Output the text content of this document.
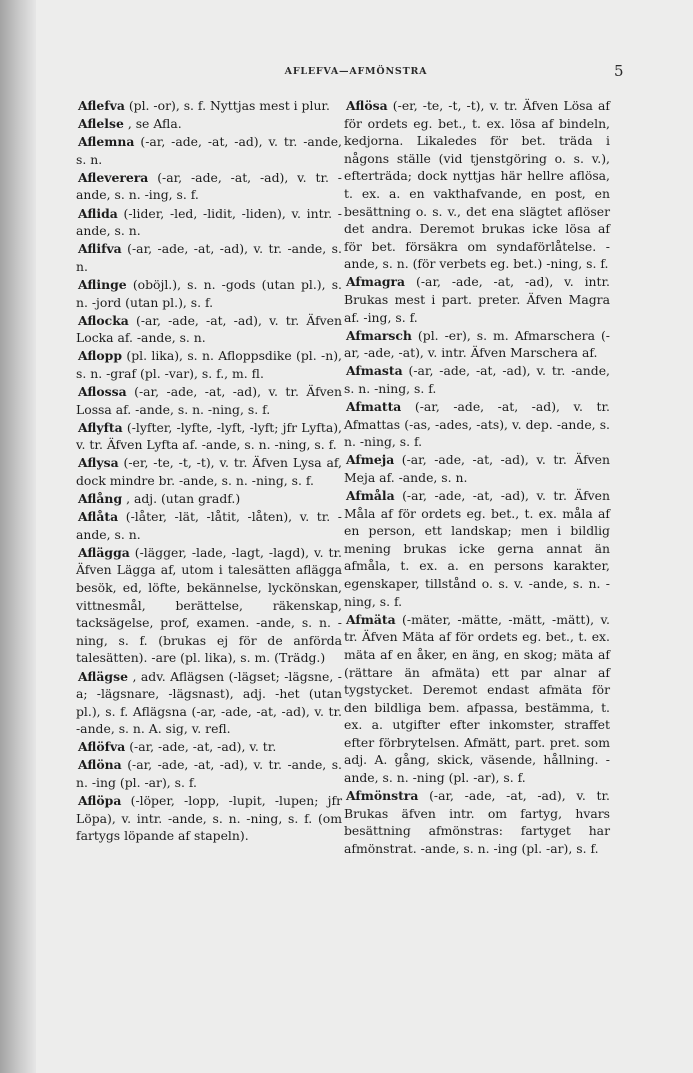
AFLEFVA—AFMÖNSTRA	5

Aflefva (pl. -or), s. f. Nyttjas mest i plur.

Aflelse , se Afla.

Aflemna (-ar, -ade, -at, -ad), v. tr. -ande, s. n.

Afleverera (-ar, -ade, -at, -ad), v. tr. -ande, s. n. -ing, s. f.

Aflida (-lider, -led, -lidit, -liden), v. intr. -ande, s. n.

Aflifva (-ar, -ade, -at, -ad), v. tr. -ande, s. n.

Aflinge (oböjl.), s. n. -gods (utan pl.), s. n. -jord (utan pl.), s. f.

Aflocka (-ar, -ade, -at, -ad), v. tr. Äfven Locka af. -ande, s. n.

Aflopp (pl. lika), s. n. Afloppsdike (pl. -n), s. n. -graf (pl. -var), s. f., m. fl.

Aflossa (-ar, -ade, -at, -ad), v. tr. Äfven Lossa af. -ande, s. n. -ning, s. f.

Aflyfta (-lyfter, -lyfte, -lyft, -lyft; jfr Lyfta), v. tr. Äfven Lyfta af. -ande, s. n. -ning, s. f.

Aflysa (-er, -te, -t, -t), v. tr. Äfven Lysa af, dock mindre br. -ande, s. n. -ning, s. f.

Aflång , adj. (utan gradf.)

Aflåta (-låter, -lät, -låtit, -låten), v. tr. -ande, s. n.

Aflägga (-lägger, -lade, -lagt, -lagd), v. tr. Äfven Lägga af, utom i talesätten aflägga besök, ed, löfte, bekännelse, lyckönskan, vittnesmål, berättelse, räkenskap, tacksägelse, prof, examen. -ande, s. n. -ning, s. f. (brukas ej för de anförda talesätten). -are (pl. lika), s. m. (Trädg.)

Aflägse , adv. Aflägsen (-lägset; -lägsne, -a; -lägsnare, -lägsnast), adj. -het (utan pl.), s. f. Aflägsna (-ar, -ade, -at, -ad), v. tr. -ande, s. n. A. sig, v. refl.

Aflöfva (-ar, -ade, -at, -ad), v. tr.

Aflöna (-ar, -ade, -at, -ad), v. tr. -ande, s. n. -ing (pl. -ar), s. f.

Aflöpa (-löper, -lopp, -lupit, -lupen; jfr Löpa), v. intr. -ande, s. n. -ning, s. f. (om fartygs löpande af stapeln).

Aflösa (-er, -te, -t, -t), v. tr. Äfven Lösa af för ordets eg. bet., t. ex. lösa af bindeln, kedjorna. Likaledes för bet. träda i någons ställe (vid tjenstgöring o. s. v.), efterträda; dock nyttjas här hellre aflösa, t. ex. a. en vakthafvande, en post, en besättning o. s. v., det ena slägtet aflöser det andra. Deremot brukas icke lösa af för bet. försäkra om syndaförlåtelse. -ande, s. n. (för verbets eg. bet.) -ning, s. f.

Afmagra (-ar, -ade, -at, -ad), v. intr. Brukas mest i part. preter. Äfven Magra af. -ing, s. f.

Afmarsch (pl. -er), s. m. Afmarschera (-ar, -ade, -at), v. intr. Äfven Marschera af.

Afmasta (-ar, -ade, -at, -ad), v. tr. -ande, s. n. -ning, s. f.

Afmatta (-ar, -ade, -at, -ad), v. tr. Afmattas (-as, -ades, -ats), v. dep. -ande, s. n. -ning, s. f.

Afmeja (-ar, -ade, -at, -ad), v. tr. Äfven Meja af. -ande, s. n.

Afmåla (-ar, -ade, -at, -ad), v. tr. Äfven Måla af för ordets eg. bet., t. ex. måla af en person, ett landskap; men i bildlig mening brukas icke gerna annat än afmåla, t. ex. a. en persons karakter, egenskaper, tillstånd o. s. v. -ande, s. n. -ning, s. f.

Afmäta (-mäter, -mätte, -mätt, -mätt), v. tr. Äfven Mäta af för ordets eg. bet., t. ex. mäta af en åker, en äng, en skog; mäta af (rättare än afmäta) ett par alnar af tygstycket. Deremot endast afmäta för den bildliga bem. afpassa, bestämma, t. ex. a. utgifter efter inkomster, straffet efter förbrytelsen. Afmätt, part. pret. som adj. A. gång, skick, väsende, hållning. -ande, s. n. -ning (pl. -ar), s. f.

Afmönstra (-ar, -ade, -at, -ad), v. tr. Brukas äfven intr. om fartyg, hvars besättning afmönstras: fartyget har afmönstrat. -ande, s. n. -ing (pl. -ar), s. f.
